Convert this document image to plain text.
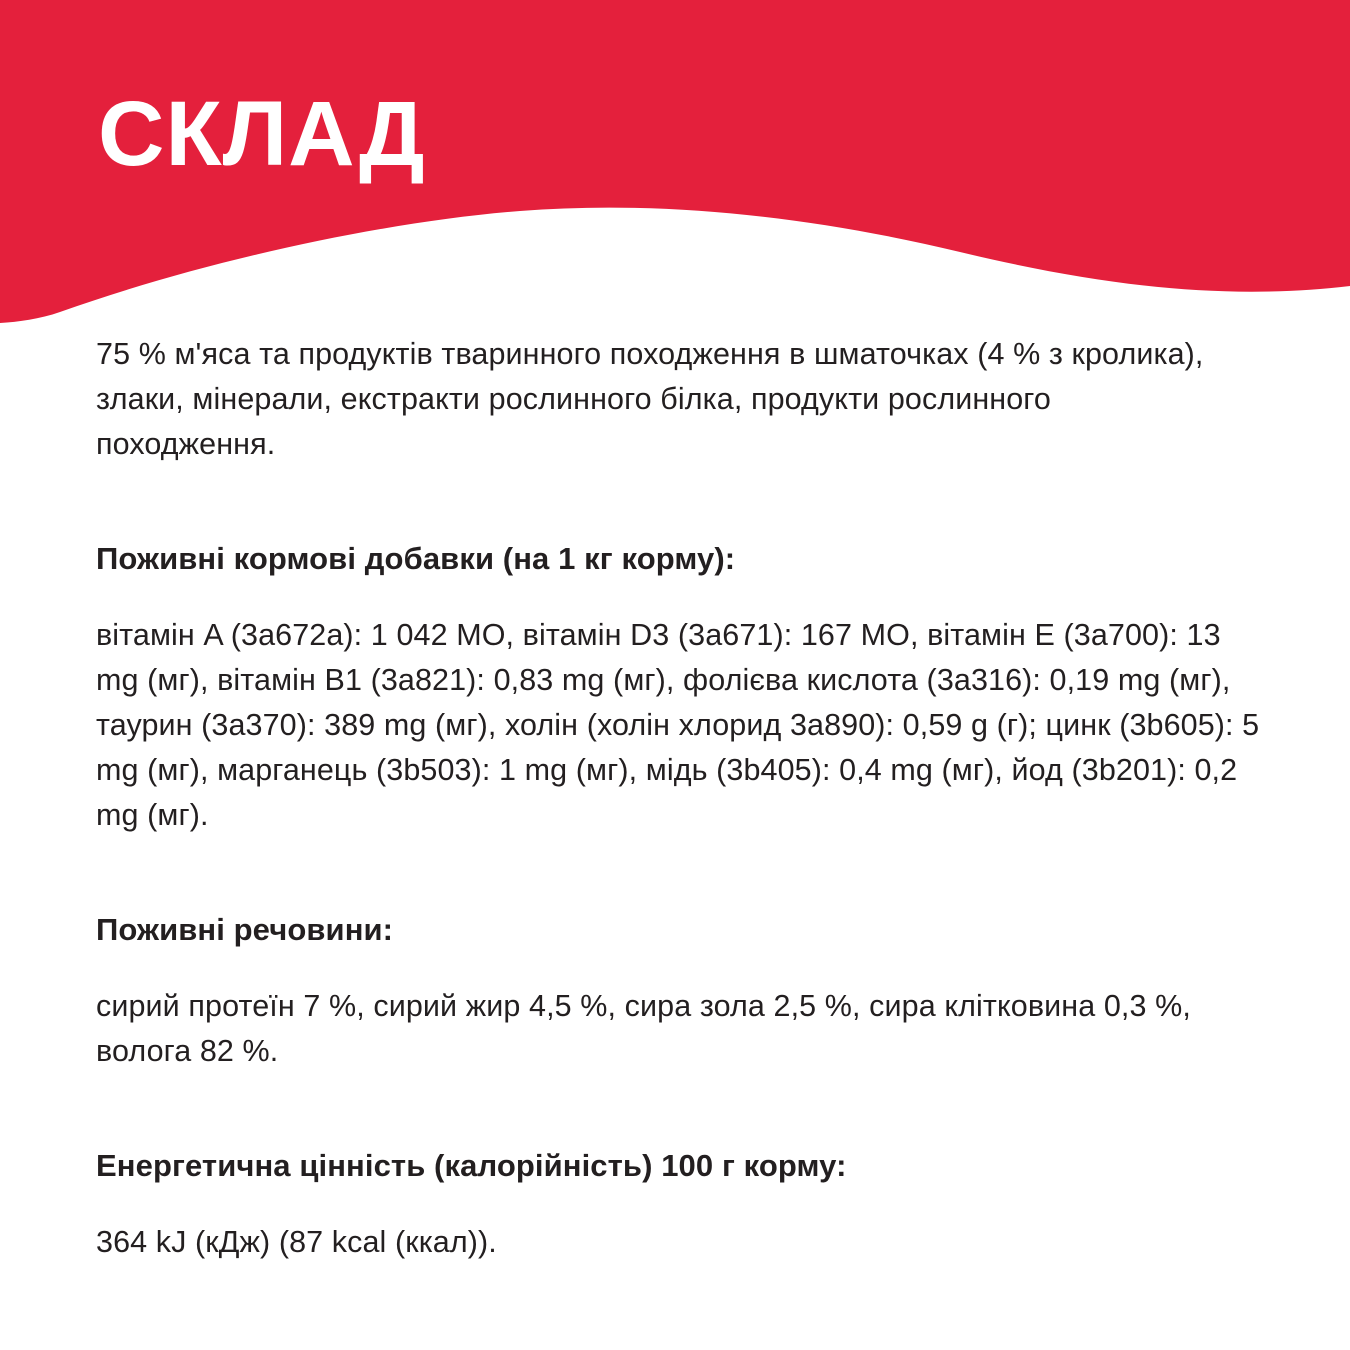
СКЛАД

75 % м'яса та продуктів тваринного походження в шматочках (4 % з кролика), злаки, мінерали, екстракти рослинного білка, продукти рослинного походження.

Поживні кормові добавки (на 1 кг корму):

вітамін A (3a672a): 1 042 МО, вітамін D3 (3a671): 167 МО, вітамін E (3a700): 13 mg (мг), вітамін B1 (3a821): 0,83 mg (мг), фолієва кислота (3a316): 0,19 mg (мг), таурин (3a370): 389 mg (мг), холін (холін хлорид 3a890): 0,59 g (г); цинк (3b605): 5 mg (мг), марганець (3b503): 1 mg (мг), мідь (3b405): 0,4 mg (мг), йод (3b201): 0,2 mg (мг).

Поживні речовини:

сирий протеїн 7 %, сирий жир 4,5 %, сира зола 2,5 %, сира клітковина 0,3 %, волога 82 %.

Енергетична цінність (калорійність) 100 г корму:

364 kJ (кДж) (87 kcal (ккал)).
